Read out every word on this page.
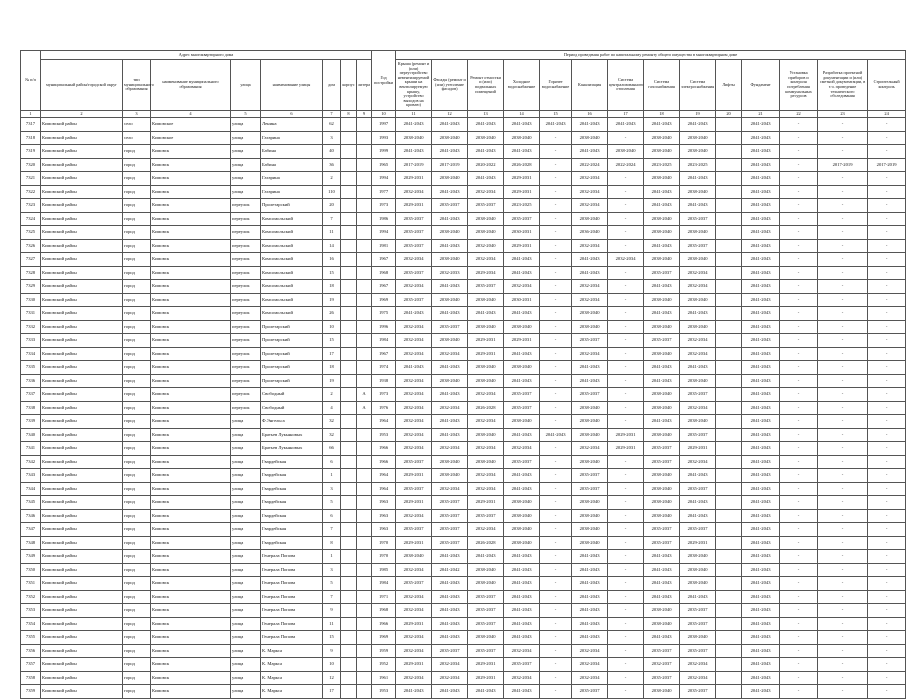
№ п/п	Адрес многоквартирного дома								Год постройки	Период проведения работ по капитальному ремонту общего имущества в многоквартирном доме													
	муниципальный район/городской округ	тип муниципального образования	наименование муниципального образования	улица	наименование улицы	дом	корпус	литера		Крыша (ремонт и (или) переустройство невентилируемой крыши на вентилируемую крышу, устройство выходов на кровлю)	Фасады (ремонт и (или) утепление фасадов)	Ремонт отмостки и (или) подвальных помещений	Холодное водоснабжение	Горячее водоснабжение	Канализация	Система централизованного отопления	Система газоснабжения	Система электроснабжения	Лифты	Фундамент	Установка приборов и контроля потребления коммунальных ресурсов	Разработка проектной документации и (или) сметной документации, в т.ч. проведение технического обследования	Строительный контроль
1	2	3	4	5	6	7	8	9	10	11	12	13	14	15	16	17	18	19	20	21	22	23	24
7317	Кимовский район	село	Кимовское	улица	Ленина	62			1997	2041-2043	2041-2043	2041-2043	2041-2043	2041-2043	2041-2043	2041-2043	2041-2043	2041-2043		2041-2043	-	-	-
7318	Кимовский район	село	Кимовское	улица	Гагарина	3			1993	2038-2040	2038-2040	2038-2040	2038-2040	-	2038-2040	-	2038-2040	2038-2040		2041-2043	-	-	-
7319	Кимовский район	город	Кимовск	улица	Бабина	40			1999	2041-2043	2041-2043	2041-2043	2041-2043	-	2041-2043	2038-2040	2038-2040	2038-2040		2041-2043	-	-	-
7320	Кимовский район	город	Кимовск	улица	Бабина	36			1965	2017-2019	2017-2019	2020-2022	2026-2028	-	2022-2024	2022-2024	2023-2025	2023-2025		2041-2043	-	2017-2019	2017-2019
7321	Кимовский район	город	Кимовск	улица	Гагарина	2			1994	2029-2031	2038-2040	2041-2043	2029-2031	-	2032-2034	-	2038-2040	2041-2043		2041-2043	-	-	-
7322	Кимовский район	город	Кимовск	улица	Гагарина	110			1977	2032-2034	2041-2043	2032-2034	2029-2031	-	2032-2034	-	2041-2043	2038-2040		2041-2043	-	-	-
7323	Кимовский район	город	Кимовск	переулок	Пролетарский	20			1973	2029-2031	2035-2037	2035-2037	2023-2025	-	2032-2034	-	2041-2043	2041-2043		2041-2043	-	-	-
7324	Кимовский район	город	Кимовск	переулок	Комсомольский	7			1986	2035-2037	2041-2043	2038-2040	2035-2037	-	2038-2040	-	2038-2040	2035-2037		2041-2043	-	-	-
7325	Кимовский район	город	Кимовск	переулок	Комсомольский	11			1994	2035-2037	2038-2040	2038-2040	2030-2031	-	2036-2040	-	2038-2040	2038-2040		2041-2043	-	-	-
7326	Кимовский район	город	Кимовск	переулок	Комсомольский	14			1981	2035-2037	2041-2043	2032-2040	2029-2031	-	2032-2034	-	2041-2043	2035-2037		2041-2043	-	-	-
7327	Кимовский район	город	Кимовск	переулок	Комсомольский	16			1967	2032-2034	2038-2040	2032-2034	2041-2043	-	2041-2043	2032-2034	2038-2040	2038-2040		2041-2043	-	-	-
7328	Кимовский район	город	Кимовск	переулок	Комсомольский	15			1968	2035-2037	2032-2033	2029-2034	2041-2043	-	2041-2043	-	2035-2037	2032-2034		2041-2043	-	-	-
7329	Кимовский район	город	Кимовск	переулок	Комсомольский	18			1967	2032-2034	2041-2043	2035-2037	2032-2034	-	2032-2034	-	2041-2043	2032-2034		2041-2043	-	-	-
7330	Кимовский район	город	Кимовск	переулок	Комсомольский	19			1969	2035-2037	2038-2040	2038-2040	2030-2031	-	2032-2034	-	2038-2040	2038-2040		2041-2043	-	-	-
7331	Кимовский район	город	Кимовск	переулок	Комсомольский	26			1975	2041-2043	2041-2043	2041-2043	2041-2043	-	2038-2040	-	2041-2043	2041-2043		2041-2043	-	-	-
7332	Кимовский район	город	Кимовск	переулок	Пролетарский	10			1996	2032-2034	2035-2037	2038-2040	2038-2040	-	2038-2040	-	2038-2040	2038-2040		2041-2043	-	-	-
7333	Кимовский район	город	Кимовск	переулок	Пролетарский	15			1984	2032-2034	2038-2040	2029-2031	2029-2031	-	2035-2037	-	2035-2037	2032-2034		2041-2043	-	-	-
7334	Кимовский район	город	Кимовск	переулок	Пролетарский	17			1967	2032-2034	2032-2034	2029-2031	2041-2043	-	2032-2034	-	2038-2040	2032-2034		2041-2043	-	-	-
7335	Кимовский район	город	Кимовск	переулок	Пролетарский	18			1974	2041-2043	2041-2043	2038-2040	2038-2040	-	2041-2043	-	2041-2043	2041-2043		2041-2043	-	-	-
7336	Кимовский район	город	Кимовск	переулок	Пролетарский	19			1938	2032-2034	2038-2040	2038-2040	2041-2043	-	2041-2043	-	2041-2043	2038-2040		2041-2043	-	-	-
7337	Кимовский район	город	Кимовск	переулок	Свободный	2		А	1973	2032-2034	2041-2043	2032-2034	2035-2037	-	2035-2037	-	2038-2040	2035-2037		2041-2043	-	-	-
7338	Кимовский район	город	Кимовск	переулок	Свободный	4		А	1976	2032-2034	2032-2034	2026-2028	2035-2037	-	2038-2040	-	2038-2040	2032-2034		2041-2043	-	-	-
7339	Кимовский район	город	Кимовск	улица	Ф.Энгельса	32			1964	2032-2034	2041-2043	2032-2034	2038-2040	-	2038-2040	-	2041-2043	2038-2040		2041-2043	-	-	-
7340	Кимовский район	город	Кимовск	улица	Братьев Лукьяновых	32			1953	2032-2034	2041-2043	2038-2040	2041-2043	2041-2043	2038-2040	2029-2031	2038-2040	2035-2037		2041-2043	-	-	-
7341	Кимовский район	город	Кимовск	улица	Братьев Лукьяновых	66			1966	2032-2034	2032-2034	2032-2034	2032-2034	-	2032-2034	2029-2031	2035-2037	2029-2031		2041-2043	-	-	-
7342	Кимовский район	город	Кимовск	улица	Гвардейская	6			1966	2035-2037	2038-2040	2038-2040	2035-2037	-	2038-2040	-	2035-2037	2032-2034		2041-2043	-	-	-
7343	Кимовский район	город	Кимовск	улица	Гвардейская	1			1964	2029-2031	2038-2040	2032-2034	2041-2043	-	2035-2037	-	2038-2040	2041-2043		2041-2043	-	-	-
7344	Кимовский район	город	Кимовск	улица	Гвардейская	3			1964	2035-2037	2032-2034	2032-2034	2041-2043	-	2035-2037	-	2038-2040	2035-2037		2041-2043	-	-	-
7345	Кимовский район	город	Кимовск	улица	Гвардейская	5			1963	2029-2031	2035-2037	2029-2031	2038-2040	-	2038-2040	-	2038-2040	2041-2043		2041-2043	-	-	-
7346	Кимовский район	город	Кимовск	улица	Гвардейская	6			1963	2032-2034	2035-2037	2035-2037	2038-2040	-	2038-2040	-	2038-2040	2041-2043		2041-2043	-	-	-
7347	Кимовский район	город	Кимовск	улица	Гвардейская	7			1963	2035-2037	2035-2037	2032-2034	2038-2040	-	2038-2040	-	2035-2037	2035-2037		2041-2043	-	-	-
7348	Кимовский район	город	Кимовск	улица	Гвардейская	8			1970	2029-2031	2035-2037	2026-2028	2038-2040	-	2038-2040	-	2035-2037	2029-2031		2041-2043	-	-	-
7349	Кимовский район	город	Кимовск	улица	Генерала Попова	1			1970	2038-2040	2041-2043	2041-2043	2041-2043	-	2041-2043	-	2041-2043	2038-2040		2041-2043	-	-	-
7350	Кимовский район	город	Кимовск	улица	Генерала Попова	3			1985	2032-2034	2041-2042	2038-2040	2041-2043	-	2041-2043	-	2041-2043	2038-2040		2041-2043	-	-	-
7351	Кимовский район	город	Кимовск	улица	Генерала Попова	5			1984	2035-2037	2041-2043	2038-2040	2041-2043	-	2041-2043	-	2041-2043	2038-2040		2041-2043	-	-	-
7352	Кимовский район	город	Кимовск	улица	Генерала Попова	7			1971	2032-2034	2041-2043	2035-2037	2041-2043	-	2041-2043	-	2041-2043	2041-2043		2041-2043	-	-	-
7353	Кимовский район	город	Кимовск	улица	Генерала Попова	9			1968	2032-2034	2041-2043	2035-2037	2041-2043	-	2041-2043	-	2038-2040	2035-2037		2041-2043	-	-	-
7354	Кимовский район	город	Кимовск	улица	Генерала Попова	11			1966	2029-2031	2041-2043	2035-2037	2041-2043	-	2041-2043	-	2038-2040	2035-2037		2041-2043	-	-	-
7355	Кимовский район	город	Кимовск	улица	Генерала Попова	15			1969	2032-2034	2041-2043	2038-2040	2041-2043	-	2041-2043	-	2041-2043	2038-2040		2041-2043	-	-	-
7356	Кимовский район	город	Кимовск	улица	К. Маркса	9			1959	2032-2034	2035-2037	2035-2037	2032-2034	-	2032-2034	-	2035-2037	2035-2037		2041-2043	-	-	-
7357	Кимовский район	город	Кимовск	улица	К. Маркса	10			1952	2029-2031	2032-2034	2029-2031	2035-2037	-	2032-2034	-	2032-2037	2032-2034		2041-2043	-	-	-
7358	Кимовский район	город	Кимовск	улица	К. Маркса	12			1961	2032-2034	2032-2034	2029-2031	2032-2034	-	2032-2034	-	2035-2037	2032-2034		2041-2043	-	-	-
7359	Кимовский район	город	Кимовск	улица	К. Маркса	17			1953	2041-2043	2041-2043	2041-2043	2041-2043	-	2035-2037	-	2038-2040	2035-2037		2041-2043	-	-	-
